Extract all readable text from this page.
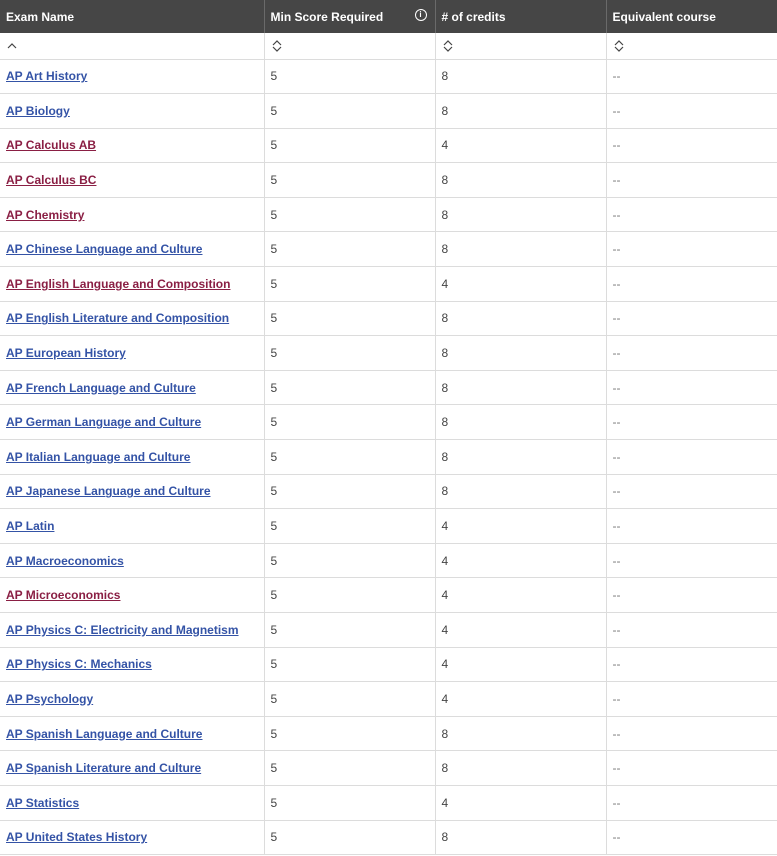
Exam Name	Min Score Required i	# of credits	Equivalent course

AP Art History	5	8	--
AP Biology	5	8	--
AP Calculus AB	5	4	--
AP Calculus BC	5	8	--
AP Chemistry	5	8	--
AP Chinese Language and Culture	5	8	--
AP English Language and Composition	5	4	--
AP English Literature and Composition	5	8	--
AP European History	5	8	--
AP French Language and Culture	5	8	--
AP German Language and Culture	5	8	--
AP Italian Language and Culture	5	8	--
AP Japanese Language and Culture	5	8	--
AP Latin	5	4	--
AP Macroeconomics	5	4	--
AP Microeconomics	5	4	--
AP Physics C: Electricity and Magnetism	5	4	--
AP Physics C: Mechanics	5	4	--
AP Psychology	5	4	--
AP Spanish Language and Culture	5	8	--
AP Spanish Literature and Culture	5	8	--
AP Statistics	5	4	--
AP United States History	5	8	--
